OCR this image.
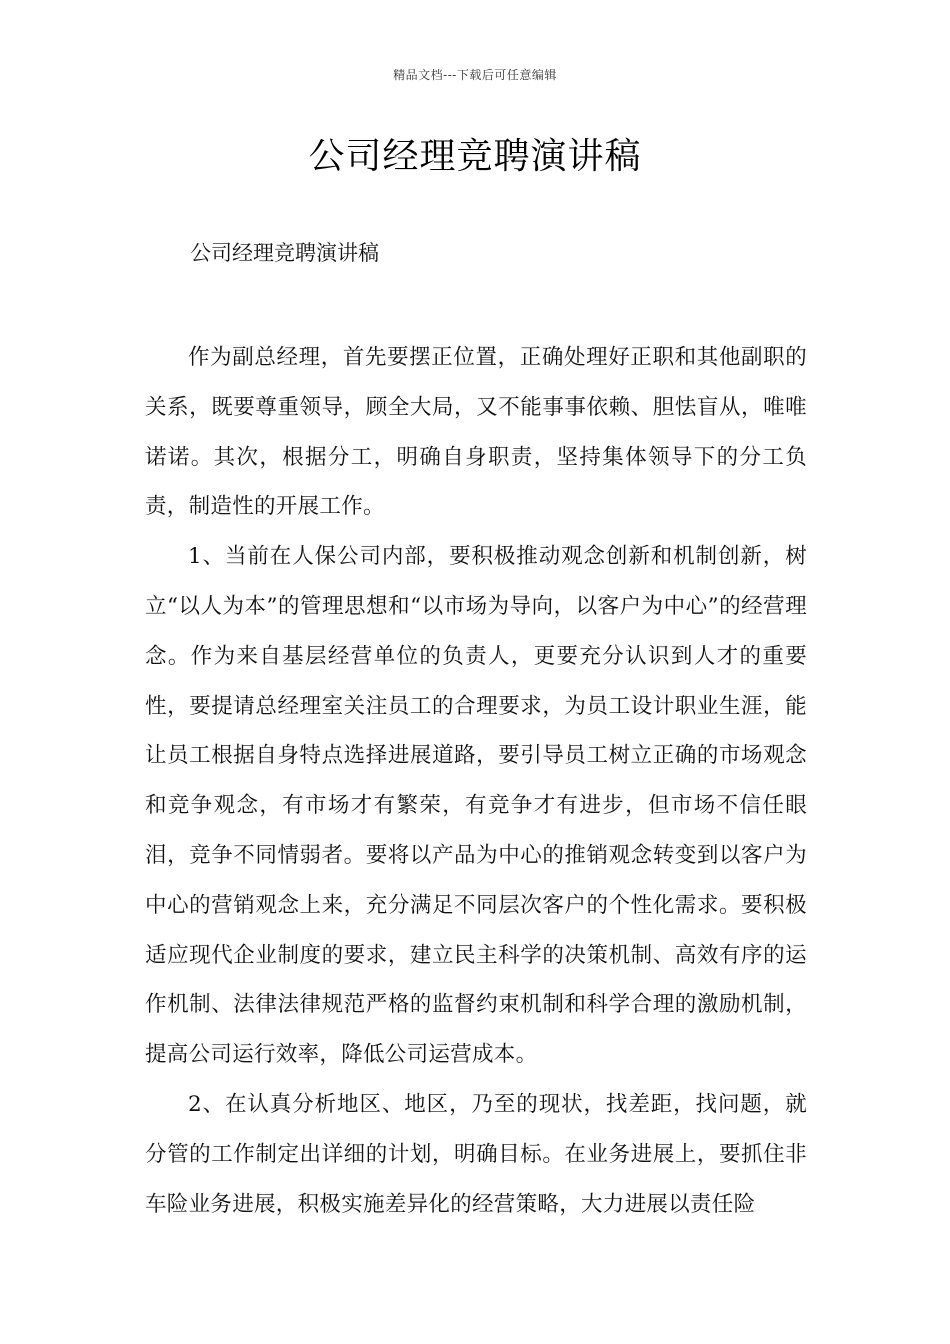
精品文档---下载后可任意编辑
公司经理竞聘演讲稿

公司经理竞聘演讲稿

作为副总经理，首先要摆正位置，正确处理好正职和其他副职的关系，既要尊重领导，顾全大局，又不能事事依赖、胆怯盲从，唯唯诺诺。其次，根据分工，明确自身职责，坚持集体领导下的分工负责，制造性的开展工作。

1、当前在人保公司内部，要积极推动观念创新和机制创新，树立“以人为本”的管理思想和“以市场为导向，以客户为中心”的经营理念。作为来自基层经营单位的负责人，更要充分认识到人才的重要性，要提请总经理室关注员工的合理要求，为员工设计职业生涯，能让员工根据自身特点选择进展道路，要引导员工树立正确的市场观念和竞争观念，有市场才有繁荣，有竞争才有进步，但市场不信任眼泪，竞争不同情弱者。要将以产品为中心的推销观念转变到以客户为中心的营销观念上来，充分满足不同层次客户的个性化需求。要积极适应现代企业制度的要求，建立民主科学的决策机制、高效有序的运作机制、法律法律规范严格的监督约束机制和科学合理的激励机制，提高公司运行效率，降低公司运营成本。

2、在认真分析地区、地区，乃至的现状，找差距，找问题，就分管的工作制定出详细的计划，明确目标。在业务进展上，要抓住非车险业务进展，积极实施差异化的经营策略，大力进展以责任险
